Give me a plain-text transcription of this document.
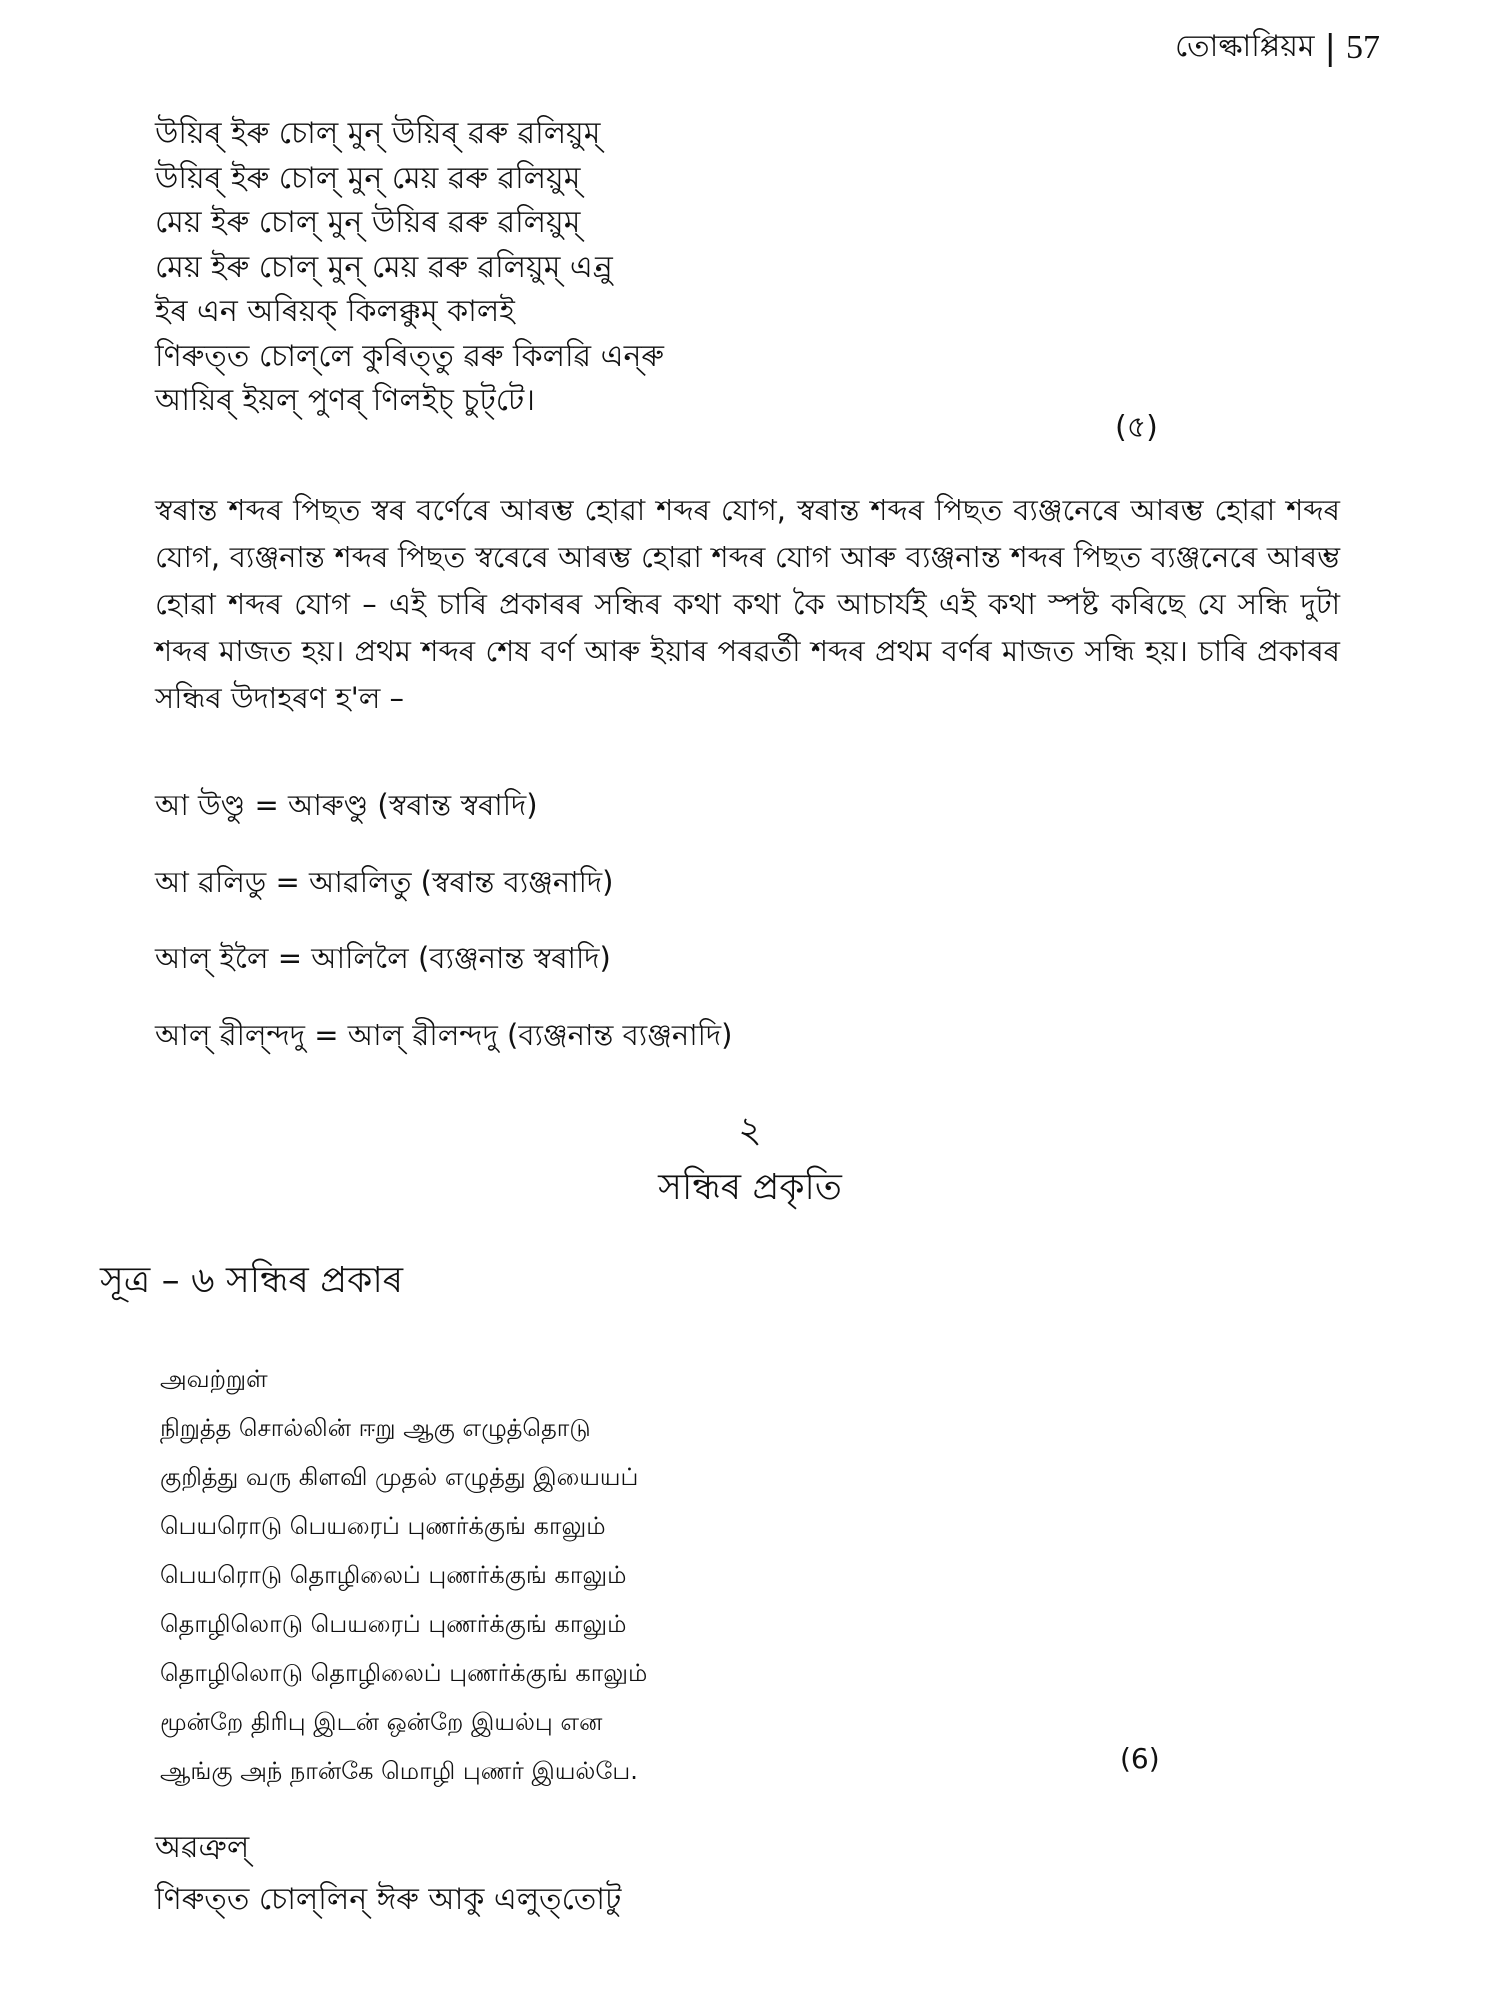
তোল্কাপ্পিয়ম | 57
উয়িৰ্ ইৰু চোল্ মুন্ উয়িৰ্ ৱৰু ৱলিয়ুম্
উয়িৰ্ ইৰু চোল্ মুন্ মেয় ৱৰু ৱলিয়ুম্
মেয় ইৰু চোল্ মুন্ উয়িৰ ৱৰু ৱলিয়ুম্
মেয় ইৰু চোল্ মুন্ মেয় ৱৰু ৱলিয়ুম্ এন্ৰু
ইৰ এন অৰিয়ক্ কিলক্কুম্ কালই
ণিৰুত্‌ত চোল্‌লে কুৰিত্‌তু ৱৰু কিলৱি এন্‌ৰু
আয়িৰ্ ইয়ল্ পুণৰ্ ণিলইচ্ চুট্‌টে।
(৫)
স্বৰান্ত শব্দৰ পিছত স্বৰ বৰ্ণেৰে আৰম্ভ হোৱা শব্দৰ যোগ, স্বৰান্ত শব্দৰ পিছত ব্যঞ্জনেৰে আৰম্ভ হোৱা শব্দৰ যোগ, ব্যঞ্জনান্ত শব্দৰ পিছত স্বৰেৰে আৰম্ভ হোৱা শব্দৰ যোগ আৰু ব্যঞ্জনান্ত শব্দৰ পিছত ব্যঞ্জনেৰে আৰম্ভ হোৱা শব্দৰ যোগ – এই চাৰি প্ৰকাৰৰ সন্ধিৰ কথা কথা কৈ আচাৰ্যই এই কথা স্পষ্ট কৰিছে যে সন্ধি দুটা শব্দৰ মাজত হয়। প্ৰথম শব্দৰ শেষ বৰ্ণ আৰু ইয়াৰ পৰৱৰ্তী শব্দৰ প্ৰথম বৰ্ণৰ মাজত সন্ধি হয়। চাৰি প্ৰকাৰৰ সন্ধিৰ উদাহৰণ হ'ল –
আ উণ্ডু = আৰুণ্ডু (স্বৰান্ত স্বৰাদি)
আ ৱলিডু = আৱলিতু (স্বৰান্ত ব্যঞ্জনাদি)
আল্ ইলৈ = আলিলৈ (ব্যঞ্জনান্ত স্বৰাদি)
আল্ ৱীল্‌ন্দদু = আল্ ৱীলন্দদু (ব্যঞ্জনান্ত ব্যঞ্জনাদি)
২
সন্ধিৰ প্ৰকৃতি
সূত্ৰ – ৬ সন্ধিৰ প্ৰকাৰ
அவற்றுள்
நிறுத்த சொல்லின் ஈறு ஆகு எழுத்தொடு
குறித்து வரு கிளவி முதல் எழுத்து இயையப்
பெயரொடு பெயரைப் புணர்க்குங் காலும்
பெயரொடு தொழிலைப் புணர்க்குங் காலும்
தொழிலொடு பெயரைப் புணர்க்குங் காலும்
தொழிலொடு தொழிலைப் புணர்க்குங் காலும்
மூன்றே திரிபு இடன் ஒன்றே இயல்பு என
ஆங்கு அந் நான்கே மொழி புணர் இயல்பே.	(6)
অৱত্ৰুল্
ণিৰুত্‌ত চোল্‌লিন্ ঈৰু আকু এলুত্‌তোটু
